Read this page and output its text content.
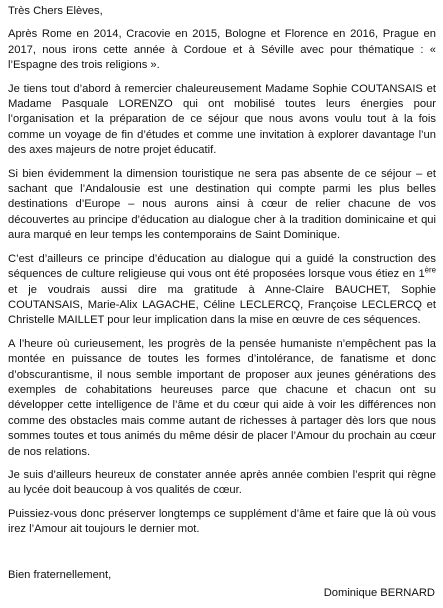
Très Chers Elèves,

Après Rome en 2014, Cracovie en 2015, Bologne et Florence en 2016, Prague en 2017, nous irons cette année à Cordoue et à Séville avec pour thématique : « l’Espagne des trois religions ».

Je tiens tout d’abord à remercier chaleureusement Madame Sophie COUTANSAIS et Madame Pasquale LORENZO qui ont mobilisé toutes leurs énergies pour l’organisation et la préparation de ce séjour que nous avons voulu tout à la fois comme un voyage de fin d’études et comme une invitation à explorer davantage l’un des axes majeurs de notre projet éducatif.

Si bien évidemment la dimension touristique ne sera pas absente de ce séjour – et sachant que l’Andalousie est une destination qui compte parmi les plus belles destinations d’Europe – nous aurons ainsi à cœur de relier chacune de vos découvertes au principe d’éducation au dialogue cher à la tradition dominicaine et qui aura marqué en leur temps les contemporains de Saint Dominique.

C’est d’ailleurs ce principe d’éducation au dialogue qui a guidé la construction des séquences de culture religieuse qui vous ont été proposées lorsque vous étiez en 1ère et je voudrais aussi dire ma gratitude à Anne-Claire BAUCHET, Sophie COUTANSAIS, Marie-Alix LAGACHE, Céline LECLERCQ, Françoise LECLERCQ et Christelle MAILLET pour leur implication dans la mise en œuvre de ces séquences.

A l’heure où curieusement, les progrès de la pensée humaniste n’empêchent pas la montée en puissance de toutes les formes d’intolérance, de fanatisme et donc d’obscurantisme, il nous semble important de proposer aux jeunes générations des exemples de cohabitations heureuses parce que chacune et chacun ont su développer cette intelligence de l’âme et du cœur qui aide à voir les différences non comme des obstacles mais comme autant de richesses à partager dès lors que nous sommes toutes et tous animés du même désir de placer l’Amour du prochain au cœur de nos relations.

Je suis d’ailleurs heureux de constater année après année combien l’esprit qui règne au lycée doit beaucoup à vos qualités de cœur.

Puissiez-vous donc préserver longtemps ce supplément d’âme et faire que là où vous irez l’Amour ait toujours le dernier mot.

Bien fraternellement,

Dominique BERNARD
